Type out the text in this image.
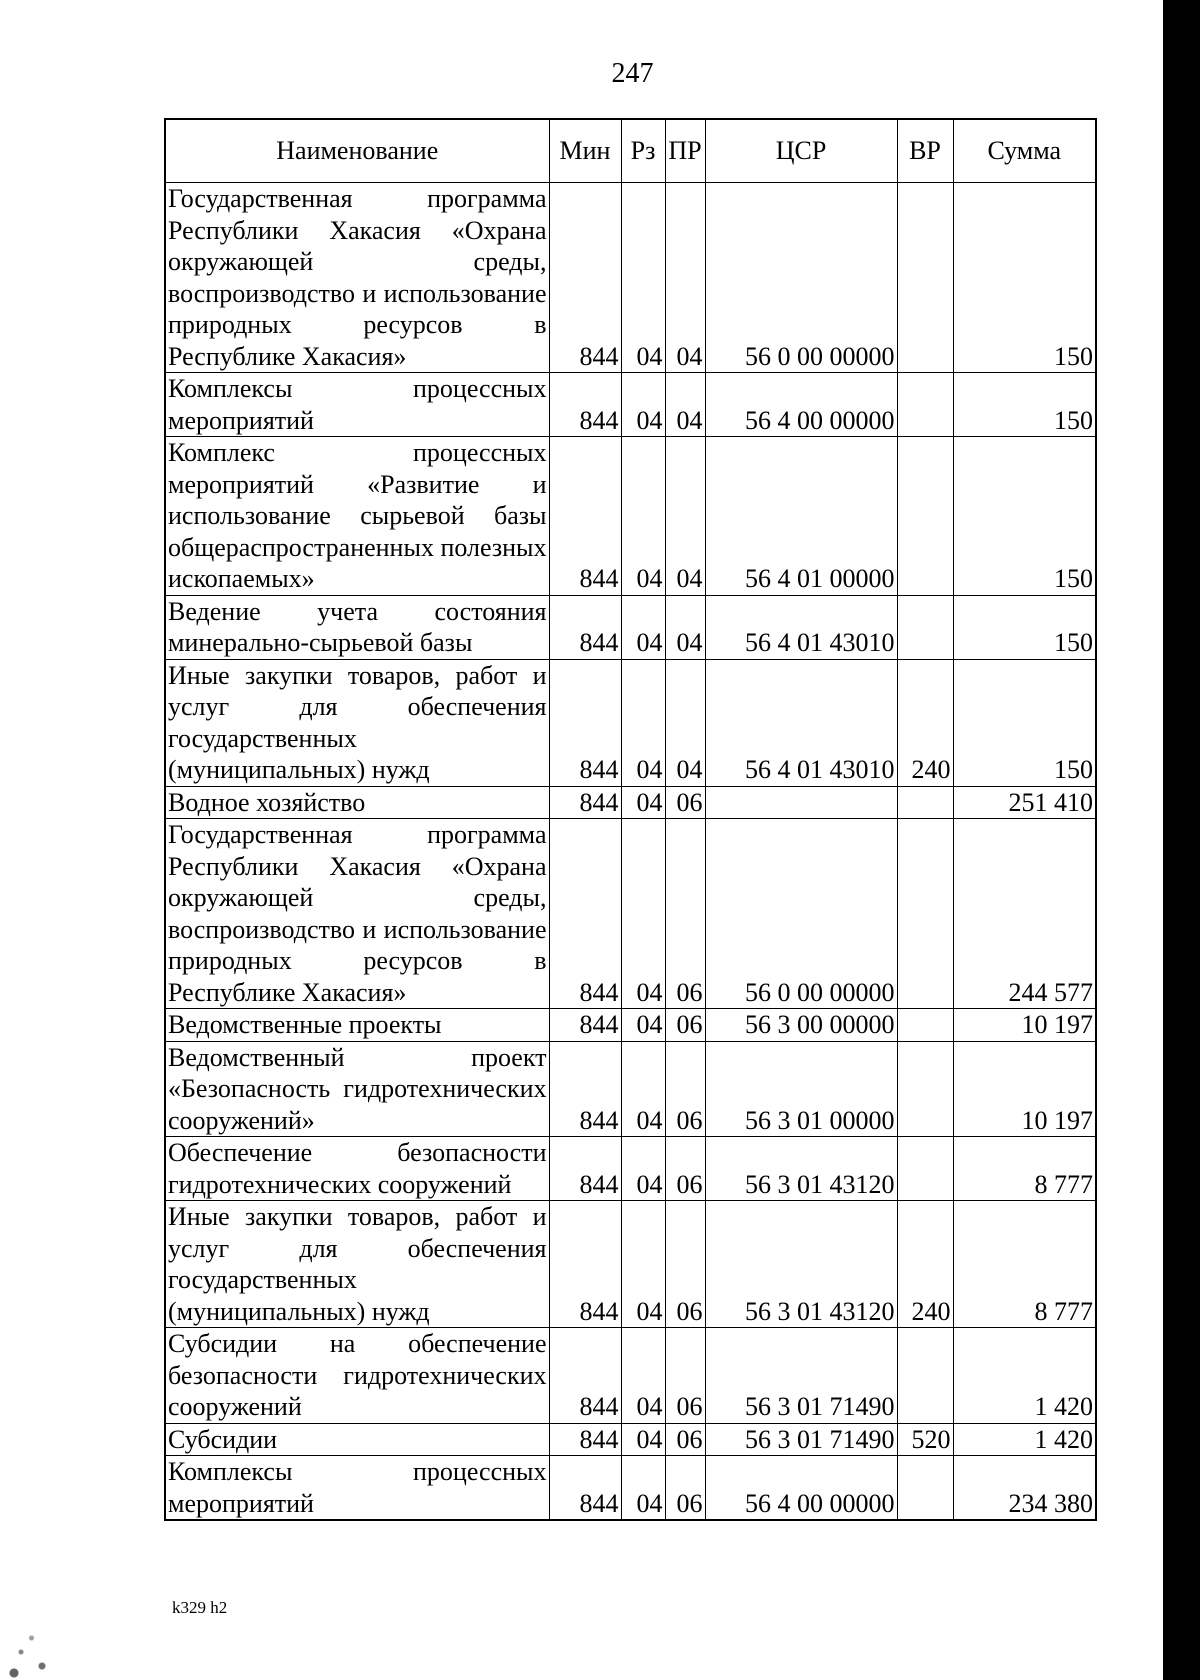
247
Наименование	Мин	Рз	ПР	ЦСР	ВР	Сумма
Государственная программа Республики Хакасия «Охрана окружающей среды, воспроизводство и использование природных ресурсов в Республике Хакасия»	844	04	04	56 0 00 00000		150
Комплексы процессных мероприятий	844	04	04	56 4 00 00000		150
Комплекс процессных мероприятий «Развитие и использование сырьевой базы общераспространенных полезных ископаемых»	844	04	04	56 4 01 00000		150
Ведение учета состояния минерально-сырьевой базы	844	04	04	56 4 01 43010		150
Иные закупки товаров, работ и услуг для обеспечения государственных (муниципальных) нужд	844	04	04	56 4 01 43010	240	150
Водное хозяйство	844	04	06			251 410
Государственная программа Республики Хакасия «Охрана окружающей среды, воспроизводство и использование природных ресурсов в Республике Хакасия»	844	04	06	56 0 00 00000		244 577
Ведомственные проекты	844	04	06	56 3 00 00000		10 197
Ведомственный проект «Безопасность гидротехнических сооружений»	844	04	06	56 3 01 00000		10 197
Обеспечение безопасности гидротехнических сооружений	844	04	06	56 3 01 43120		8 777
Иные закупки товаров, работ и услуг для обеспечения государственных (муниципальных) нужд	844	04	06	56 3 01 43120	240	8 777
Субсидии на обеспечение безопасности гидротехнических сооружений	844	04	06	56 3 01 71490		1 420
Субсидии	844	04	06	56 3 01 71490	520	1 420
Комплексы процессных мероприятий	844	04	06	56 4 00 00000		234 380
k329 h2
